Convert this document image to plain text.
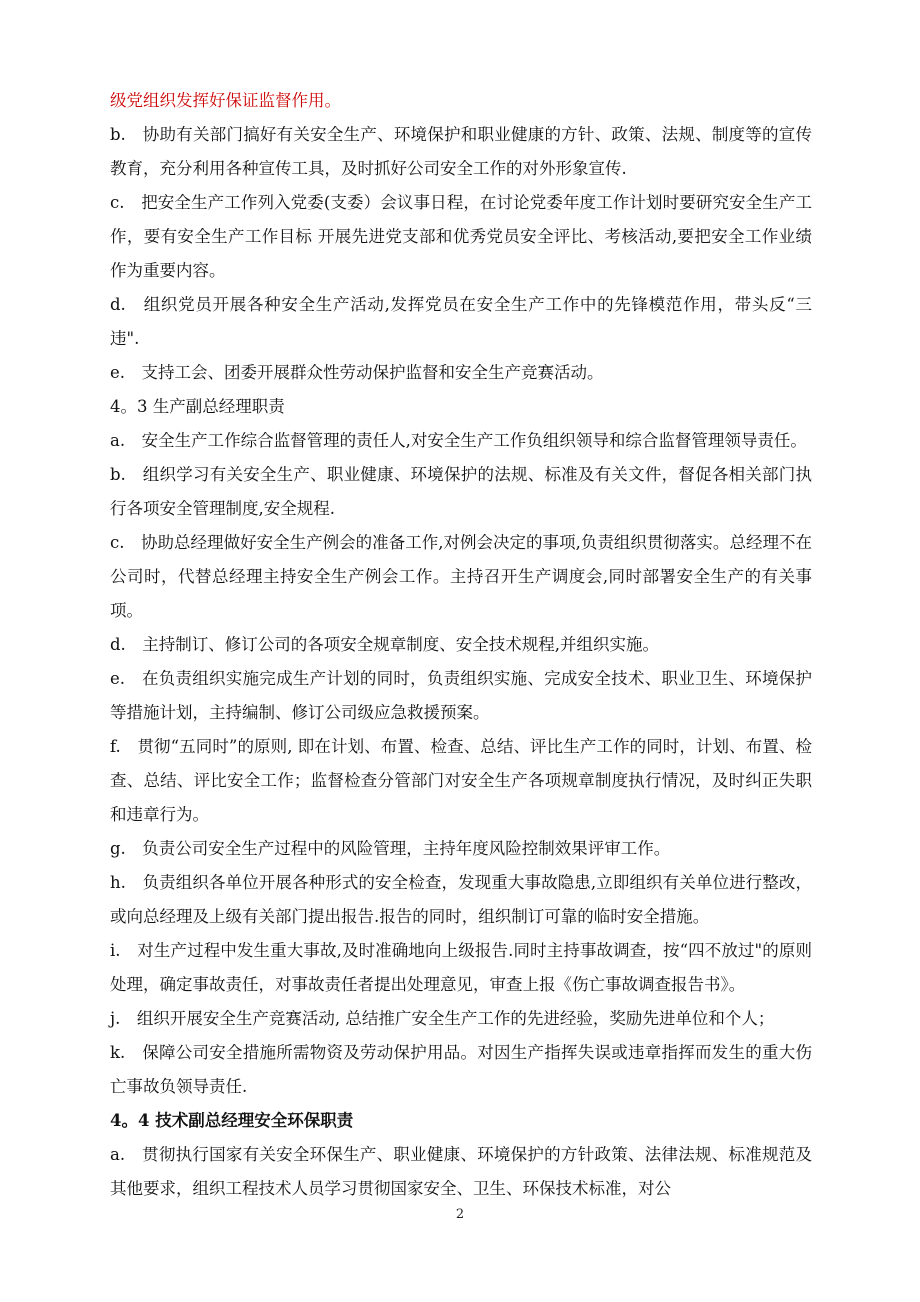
级党组织发挥好保证监督作用。

b.　协助有关部门搞好有关安全生产、环境保护和职业健康的方针、政策、法规、制度等的宣传教育，充分利用各种宣传工具，及时抓好公司安全工作的对外形象宣传.

c.　把安全生产工作列入党委(支委）会议事日程，在讨论党委年度工作计划时要研究安全生产工作，要有安全生产工作目标 开展先进党支部和优秀党员安全评比、考核活动,要把安全工作业绩作为重要内容。

d.　组织党员开展各种安全生产活动,发挥党员在安全生产工作中的先锋模范作用，带头反“三违".

e.　支持工会、团委开展群众性劳动保护监督和安全生产竞赛活动。

4。3 生产副总经理职责

a.　安全生产工作综合监督管理的责任人,对安全生产工作负组织领导和综合监督管理领导责任。

b.　组织学习有关安全生产、职业健康、环境保护的法规、标准及有关文件，督促各相关部门执行各项安全管理制度,安全规程.

c.　协助总经理做好安全生产例会的准备工作,对例会决定的事项,负责组织贯彻落实。总经理不在公司时，代替总经理主持安全生产例会工作。主持召开生产调度会,同时部署安全生产的有关事项。

d.　主持制订、修订公司的各项安全规章制度、安全技术规程,并组织实施。

e.　在负责组织实施完成生产计划的同时，负责组织实施、完成安全技术、职业卫生、环境保护等措施计划，主持编制、修订公司级应急救援预案。

f.　贯彻“五同时”的原则, 即在计划、布置、检查、总结、评比生产工作的同时，计划、布置、检查、总结、评比安全工作；监督检查分管部门对安全生产各项规章制度执行情况，及时纠正失职和违章行为。

g.　负责公司安全生产过程中的风险管理，主持年度风险控制效果评审工作。

h.　负责组织各单位开展各种形式的安全检查，发现重大事故隐患,立即组织有关单位进行整改，或向总经理及上级有关部门提出报告.报告的同时，组织制订可靠的临时安全措施。

i.　对生产过程中发生重大事故,及时准确地向上级报告.同时主持事故调查，按“四不放过"的原则处理，确定事故责任，对事故责任者提出处理意见，审查上报《伤亡事故调查报告书》。

j.　组织开展安全生产竞赛活动, 总结推广安全生产工作的先进经验，奖励先进单位和个人；

k.　保障公司安全措施所需物资及劳动保护用品。对因生产指挥失误或违章指挥而发生的重大伤亡事故负领导责任.

4。4 技术副总经理安全环保职责

a.　贯彻执行国家有关安全环保生产、职业健康、环境保护的方针政策、法律法规、标准规范及其他要求，组织工程技术人员学习贯彻国家安全、卫生、环保技术标准，对公

2
